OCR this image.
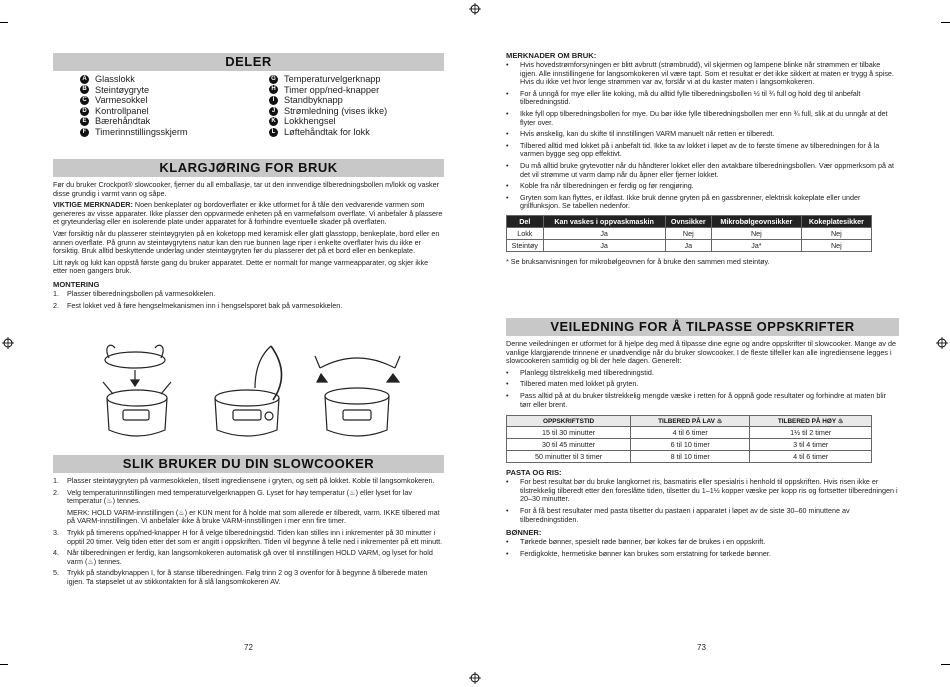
DELER
A Glasslokk
B Steintøygryte
C Varmesokkel
D Kontrollpanel
E Bærehåndtak
F Timerinnstillingsskjerm
G Temperaturvelgerknapp
H Timer opp/ned-knapper
I	Standbyknapp
J Strømledning (vises ikke)
K Lokkhengsel
L Løftehåndtak for lokk
KLARGJØRING FOR BRUK

Før du bruker Crockpot® slowcooker, fjerner du all emballasje, tar ut den innvendige tilberedningsbollen m/lokk og vasker disse grundig i varmt vann og såpe.

VIKTIGE MERKNADER: Noen benkeplater og bordoverflater er ikke utformet for å tåle den vedvarende varmen som genereres av visse apparater. Ikke plasser den oppvarmede enheten på en varmefølsom overflate. Vi anbefaler å plassere et gryteunderlag eller en isolerende plate under apparatet for å forhindre eventuelle skader på overflaten.

Vær forsiktig når du plasserer steintøygryten på en koketopp med keramisk eller glatt glasstopp, benkeplate, bord eller en annen overflate. På grunn av steintøygrytens natur kan den ruе bunnen lage riper i enkelte overflater hvis du ikke er forsiktig. Bruk alltid beskyttende underlag under steintøygryten før du plasserer det på et bord eller en benkeplate.

Litt røyk og lukt kan oppstå første gang du bruker apparatet. Dette er normalt for mange varmeapparater, og skjer ikke etter noen gangers bruk.

MONTERING
1. Plasser tilberedningsbollen på varmesokkelen.
2. Fest lokket ved å føre hengselmekanismen inn i hengselsporet bak på varmesokkelen.
SLIK BRUKER DU DIN SLOWCOOKER
1. Plasser steintøygryten på varmesokkelen, tilsett ingrediensene i gryten, og sett på lokket. Koble til langsomkokeren.
2. Velg temperaturinnstillingen med temperaturvelgerknappen G. Lyset for høy temperatur (♨) eller lyset for lav temperatur (♨) tennes.
MERK: HOLD VARM-innstillingen (♨) er KUN ment for å holde mat som allerede er tilberedt, varm. IKKE tilbered mat på VARM-innstillingen. Vi anbefaler ikke å bruke VARM-innstillingen i mer enn fire timer.
3. Trykk på timerens opp/ned-knapper H for å velge tilberedningstid. Tiden kan stilles inn i inkrementer på 30 minutter i opptil 20 timer. Velg tiden etter det som er angitt i oppskriften. Tiden vil begynne å telle ned i inkrementer på ett minutt.
4. Når tilberedningen er ferdig, kan langsomkokeren automatisk gå over til innstillingen HOLD VARM, og lyset for hold varm (♨) tennes.
5. Trykk på standbyknappen I, for å stanse tilberedningen. Følg trinn 2 og 3 ovenfor for å begynne å tilberede maten igjen. Ta støpselet ut av stikkontakten for å slå langsomkokeren AV.
72
MERKNADER OM BRUK:
• Hvis hovedstrømforsyningen er blitt avbrutt (strømbrudd), vil skjermen og lampene blinke når strømmen er tilbake igjen. Alle innstillingene for langsomkokeren vil være tapt. Som et resultat er det ikke sikkert at maten er trygg å spise. Hvis du ikke vet hvor lenge strømmen var av, forslår vi at du kaster maten i langsomkokeren.
• For å unngå for mye eller lite koking, må du alltid fylle tilberedningsbollen ½ til ¾ full og hold deg til anbefalt tilberedningstid.
• Ikke fyll opp tilberedningsbollen for mye. Du bør ikke fylle tilberedningsbollen mer enn ¾ full, slik at du unngår at det flyter over.
• Hvis ønskelig, kan du skifte til innstillingen VARM manuelt når retten er tilberedt.
• Tilbered alltid med lokket på i anbefalt tid. Ikke ta av lokket i løpet av de to første timene av tilberedningen for å la varmen bygge seg opp effektivt.
• Du må alltid bruke grytevotter når du håndterer lokket eller den avtakbare tilberedningsbollen. Vær oppmerksom på at det vil strømme ut varm damp når du åpner eller fjerner lokket.
• Koble fra når tilberedningen er ferdig og før rengjøring.
• Gryten som kan flyttes, er ildfast. Ikke bruk denne gryten på en gassbrenner, elektrisk kokeplate eller under grillfunksjon. Se tabellen nedenfor.
Del	Kan vaskes i oppvaskmaskin	Ovnsikker	Mikrobølgeovnsikker	Kokeplatesikker
Lokk	Ja	Nej	Nej	Nej
Steintøy	Ja	Ja	Ja*	Nej

* Se bruksanvisningen for mikrobølgeovnen for å bruke den sammen med steintøy.

VEILEDNING FOR Å TILPASSE OPPSKRIFTER

Denne veiledningen er utformet for å hjelpe deg med å tilpasse dine egne og andre oppskrifter til slowcooker. Mange av de vanlige klargjørende trinnene er unødvendige når du bruker slowcooker. I de fleste tilfeller kan alle ingrediensene legges i slowcookeren samtidig og bli der hele dagen. Generelt:

• Planlegg tilstrekkelig med tilberedningstid.
• Tilbered maten med lokket på gryten.
• Pass alltid på at du bruker tilstrekkelig mengde væske i retten for å oppnå gode resultater og forhindre at maten blir tørr eller brent.
OPPSKRIFTSTID	TILBERED PÅ LAV ♨	TILBERED PÅ HØY ♨
15 til 30 minutter	4 til 6 timer	1½ til 2 timer
30 til 45 minutter	6 til 10 timer	3 til 4 timer
50 minutter til 3 timer	8 til 10 timer	4 til 6 timer
PASTA OG RIS:
• For best resultat bør du bruke langkornet ris, basmatiris eller spesialris i henhold til oppskriften. Hvis risen ikke er tilstrekkelig tilberedt etter den foreslåtte tiden, tilsetter du 1–1½ kopper væske per kopp ris og fortsetter tilberedningen i 20–30 minutter.
• For å få best resultater med pasta tilsetter du pastaen i apparatet i løpet av de siste 30–60 minuttene av tilberedningstiden.
BØNNER:
• Tørkede bønner, spesielt røde bønner, bør kokes før de brukes i en oppskrift.
• Ferdigkokte, hermetiske bønner kan brukes som erstatning for tørkede bønner.
73
